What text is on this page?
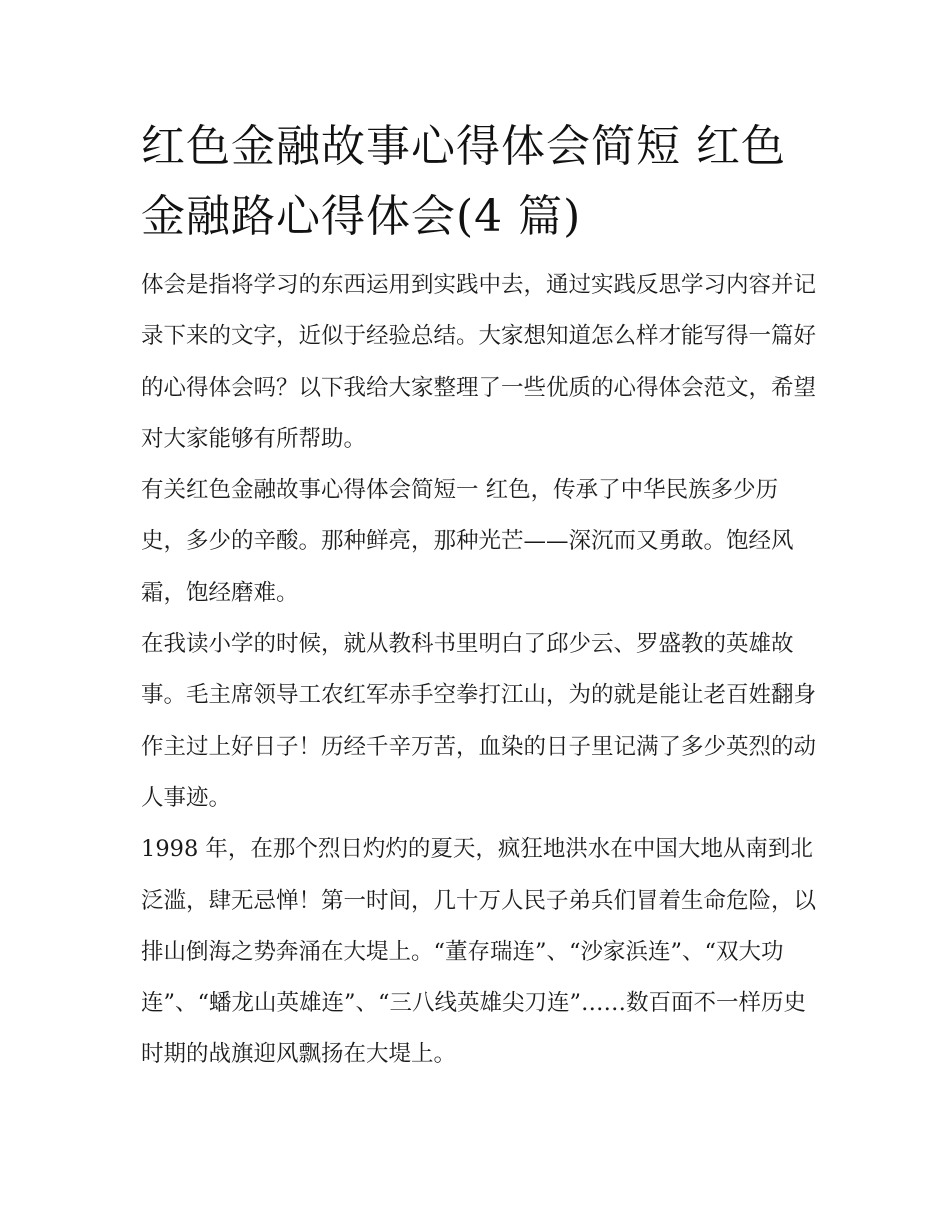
红色金融故事心得体会简短 红色金融路心得体会(4 篇)

体会是指将学习的东西运用到实践中去，通过实践反思学习内容并记录下来的文字，近似于经验总结。大家想知道怎么样才能写得一篇好的心得体会吗？以下我给大家整理了一些优质的心得体会范文，希望对大家能够有所帮助。

有关红色金融故事心得体会简短一 红色，传承了中华民族多少历史，多少的辛酸。那种鲜亮，那种光芒——深沉而又勇敢。饱经风霜，饱经磨难。

在我读小学的时候，就从教科书里明白了邱少云、罗盛教的英雄故事。毛主席领导工农红军赤手空拳打江山，为的就是能让老百姓翻身作主过上好日子！历经千辛万苦，血染的日子里记满了多少英烈的动人事迹。

1998 年，在那个烈日灼灼的夏天，疯狂地洪水在中国大地从南到北泛滥，肆无忌惮！第一时间，几十万人民子弟兵们冒着生命危险，以排山倒海之势奔涌在大堤上。“董存瑞连”、“沙家浜连”、“双大功连”、“蟠龙山英雄连”、“三八线英雄尖刀连”……数百面不一样历史时期的战旗迎风飘扬在大堤上。
